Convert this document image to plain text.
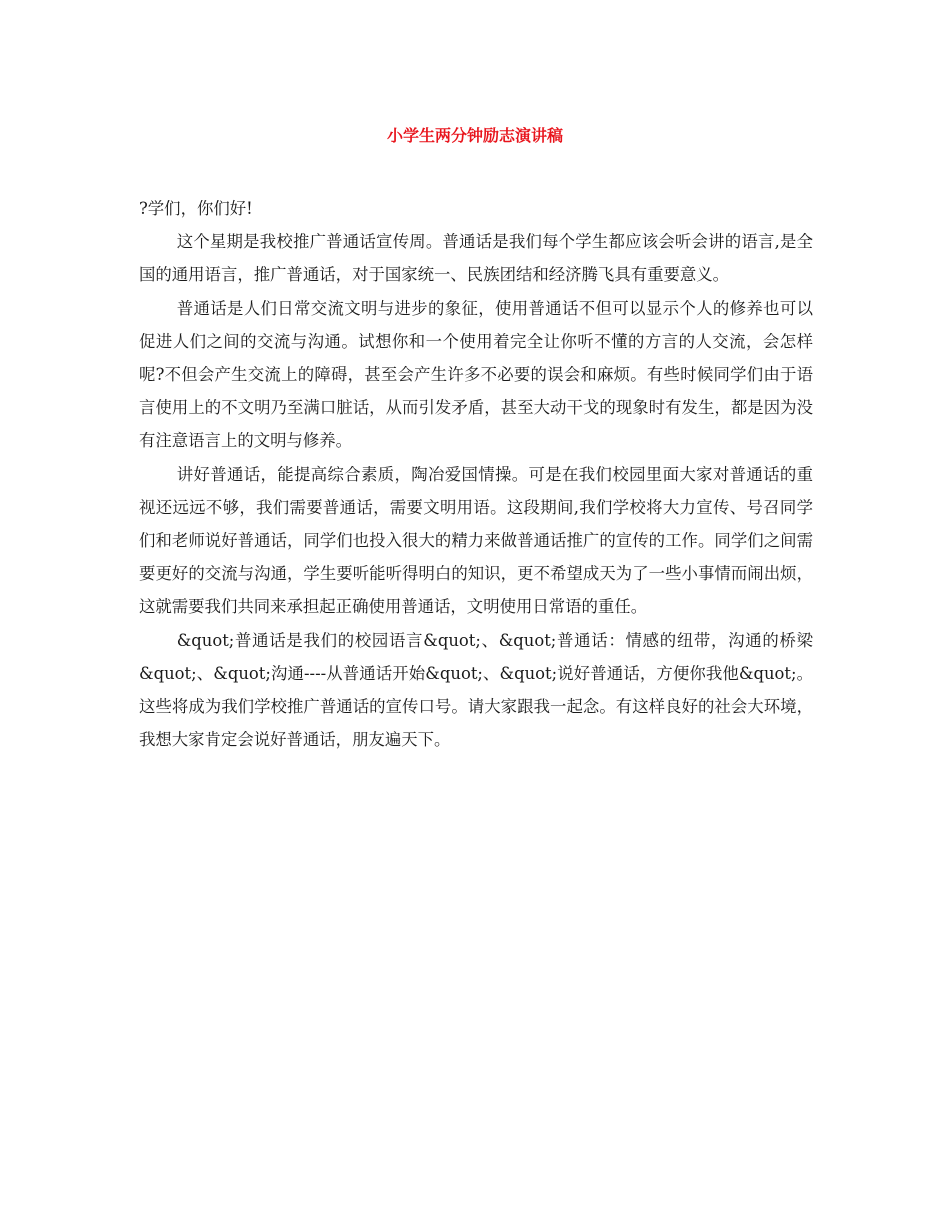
小学生两分钟励志演讲稿

?学们，你们好!

这个星期是我校推广普通话宣传周。普通话是我们每个学生都应该会听会讲的语言,是全国的通用语言，推广普通话，对于国家统一、民族团结和经济腾飞具有重要意义。

普通话是人们日常交流文明与进步的象征，使用普通话不但可以显示个人的修养也可以促进人们之间的交流与沟通。试想你和一个使用着完全让你听不懂的方言的人交流，会怎样呢?不但会产生交流上的障碍，甚至会产生许多不必要的误会和麻烦。有些时候同学们由于语言使用上的不文明乃至满口脏话，从而引发矛盾，甚至大动干戈的现象时有发生，都是因为没有注意语言上的文明与修养。

讲好普通话，能提高综合素质，陶冶爱国情操。可是在我们校园里面大家对普通话的重视还远远不够，我们需要普通话，需要文明用语。这段期间,我们学校将大力宣传、号召同学们和老师说好普通话，同学们也投入很大的精力来做普通话推广的宣传的工作。同学们之间需要更好的交流与沟通，学生要听能听得明白的知识，更不希望成天为了一些小事情而闹出烦，这就需要我们共同来承担起正确使用普通话，文明使用日常语的重任。

&quot;普通话是我们的校园语言&quot;、&quot;普通话：情感的纽带，沟通的桥梁&quot;、&quot;沟通----从普通话开始&quot;、&quot;说好普通话，方便你我他&quot;。这些将成为我们学校推广普通话的宣传口号。请大家跟我一起念。有这样良好的社会大环境，我想大家肯定会说好普通话，朋友遍天下。
